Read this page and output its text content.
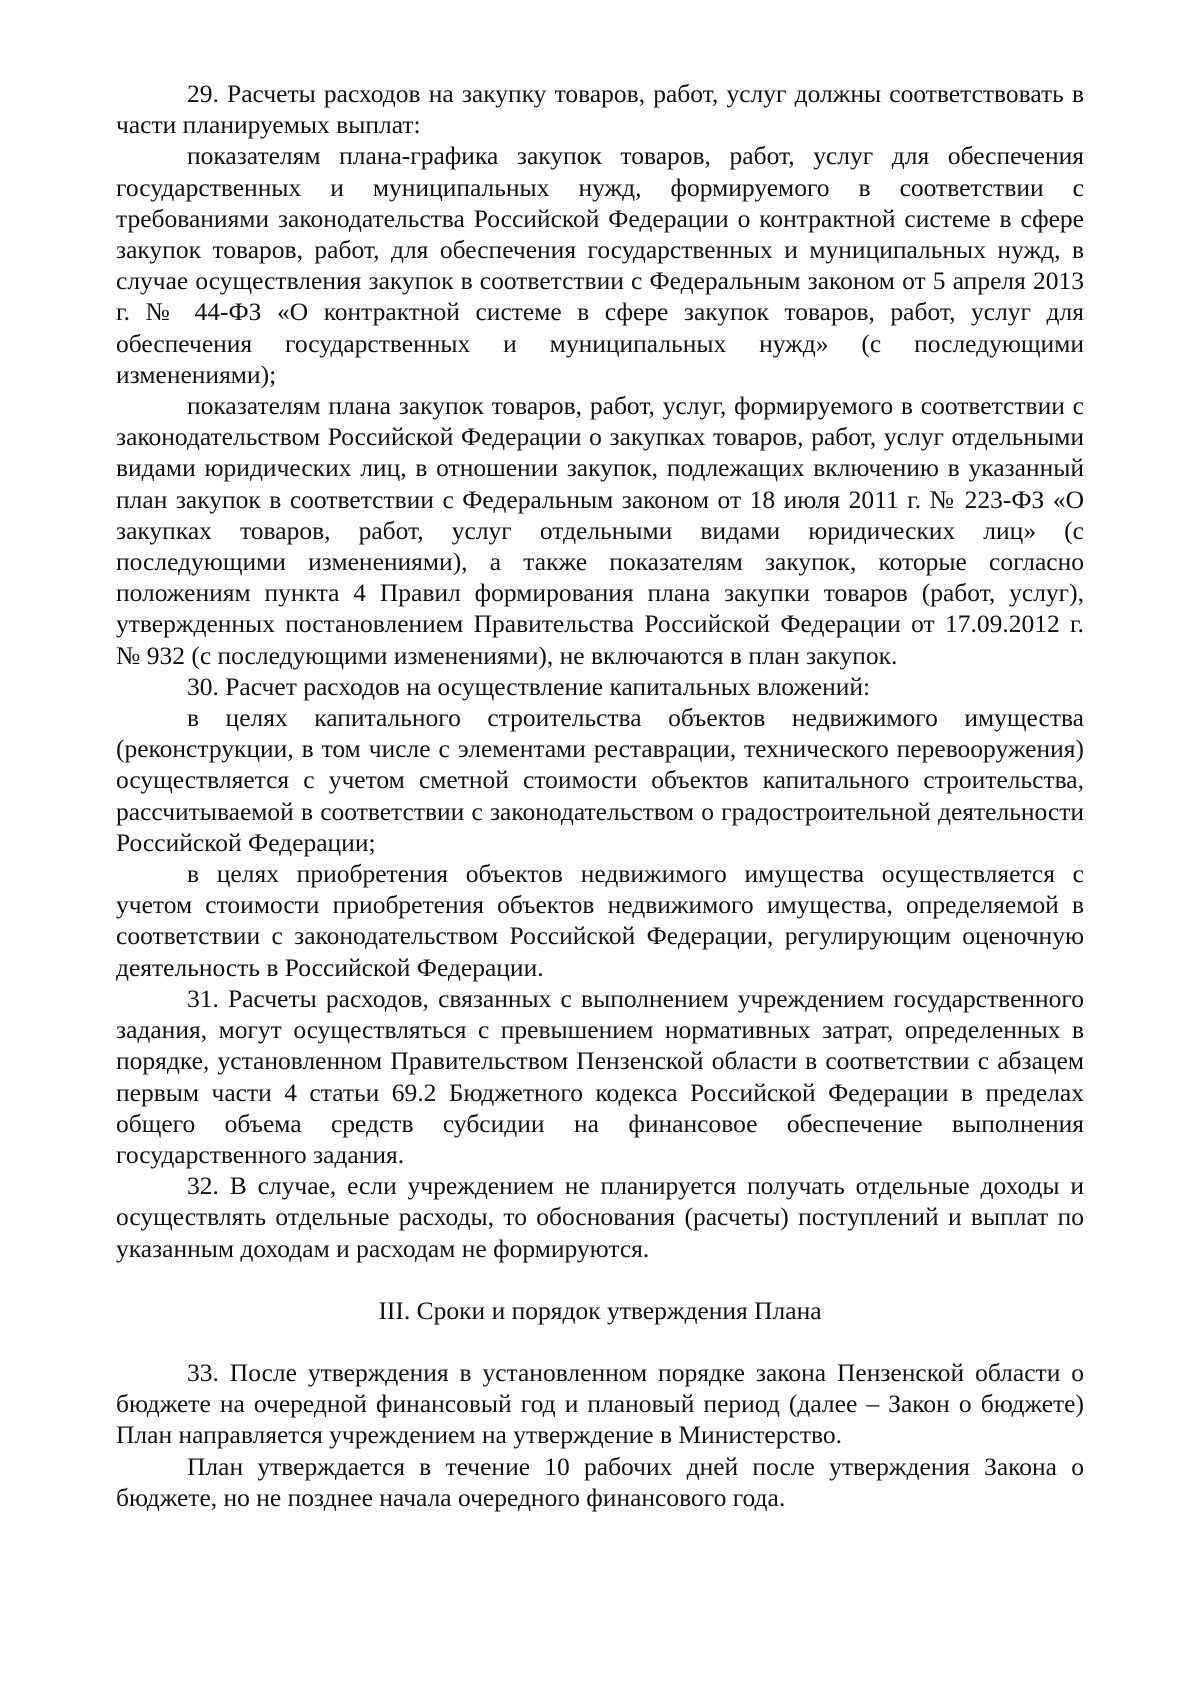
29. Расчеты расходов на закупку товаров, работ, услуг должны соответствовать в части планируемых выплат:

показателям плана-графика закупок товаров, работ, услуг для обеспечения государственных и муниципальных нужд, формируемого в соответствии с требованиями законодательства Российской Федерации о контрактной системе в сфере закупок товаров, работ, для обеспечения государственных и муниципальных нужд, в случае осуществления закупок в соответствии с Федеральным законом от 5 апреля 2013 г. № 44-ФЗ «О контрактной системе в сфере закупок товаров, работ, услуг для обеспечения государственных и муниципальных нужд» (с последующими изменениями);

показателям плана закупок товаров, работ, услуг, формируемого в соответствии с законодательством Российской Федерации о закупках товаров, работ, услуг отдельными видами юридических лиц, в отношении закупок, подлежащих включению в указанный план закупок в соответствии с Федеральным законом от 18 июля 2011 г. № 223-ФЗ «О закупках товаров, работ, услуг отдельными видами юридических лиц» (с последующими изменениями), а также показателям закупок, которые согласно положениям пункта 4 Правил формирования плана закупки товаров (работ, услуг), утвержденных постановлением Правительства Российской Федерации от 17.09.2012 г. № 932 (с последующими изменениями), не включаются в план закупок.

30. Расчет расходов на осуществление капитальных вложений:

в целях капитального строительства объектов недвижимого имущества (реконструкции, в том числе с элементами реставрации, технического перевооружения) осуществляется с учетом сметной стоимости объектов капитального строительства, рассчитываемой в соответствии с законодательством о градостроительной деятельности Российской Федерации;

в целях приобретения объектов недвижимого имущества осуществляется с учетом стоимости приобретения объектов недвижимого имущества, определяемой в соответствии с законодательством Российской Федерации, регулирующим оценочную деятельность в Российской Федерации.

31. Расчеты расходов, связанных с выполнением учреждением государственного задания, могут осуществляться с превышением нормативных затрат, определенных в порядке, установленном Правительством Пензенской области в соответствии с абзацем первым части 4 статьи 69.2 Бюджетного кодекса Российской Федерации в пределах общего объема средств субсидии на финансовое обеспечение выполнения государственного задания.

32. В случае, если учреждением не планируется получать отдельные доходы и осуществлять отдельные расходы, то обоснования (расчеты) поступлений и выплат по указанным доходам и расходам не формируются.

III. Сроки и порядок утверждения Плана

33. После утверждения в установленном порядке закона Пензенской области о бюджете на очередной финансовый год и плановый период (далее – Закон о бюджете) План направляется учреждением на утверждение в Министерство.

План утверждается в течение 10 рабочих дней после утверждения Закона о бюджете, но не позднее начала очередного финансового года.
